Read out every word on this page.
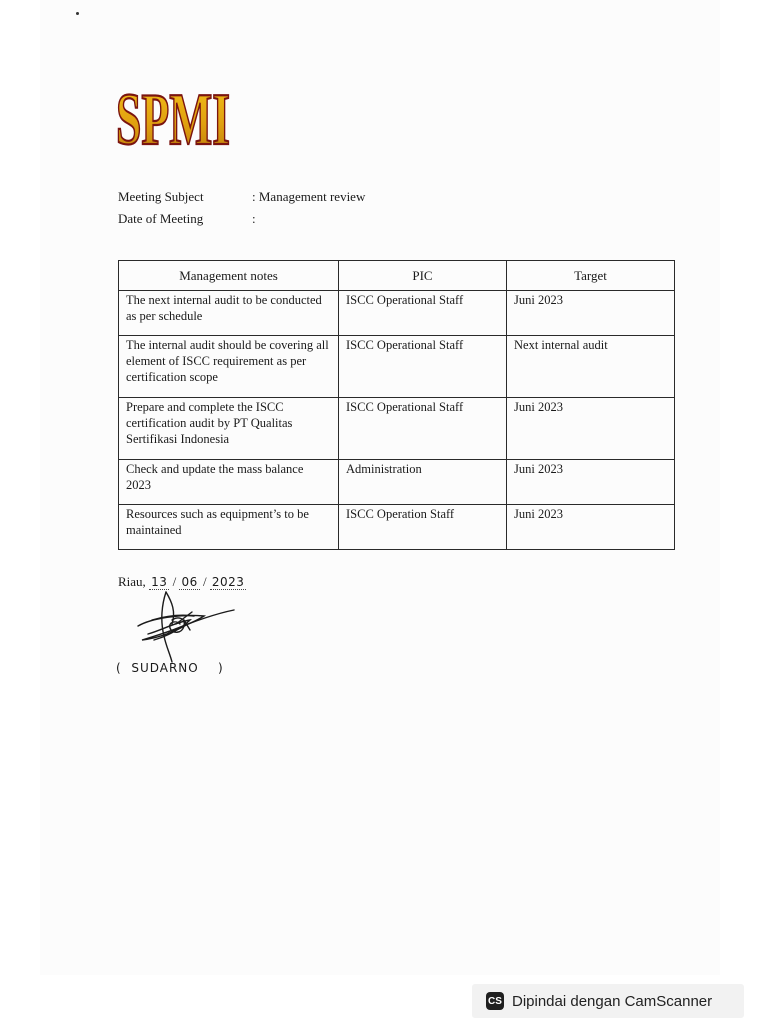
SPMI
Meeting Subject	: Management review
Date of Meeting	:
Management notes	PIC	Target
The next internal audit to be conducted as per schedule	ISCC Operational Staff	Juni 2023
The internal audit should be covering all element of ISCC requirement as per certification scope	ISCC Operational Staff	Next internal audit
Prepare and complete the ISCC certification audit by PT Qualitas Sertifikasi Indonesia	ISCC Operational Staff	Juni 2023
Check and update the mass balance 2023	Administration	Juni 2023
Resources such as equipment’s to be maintained	ISCC Operation Staff	Juni 2023
Riau, 13 / 06 / 2023
( SUDARNO )
CS Dipindai dengan CamScanner
